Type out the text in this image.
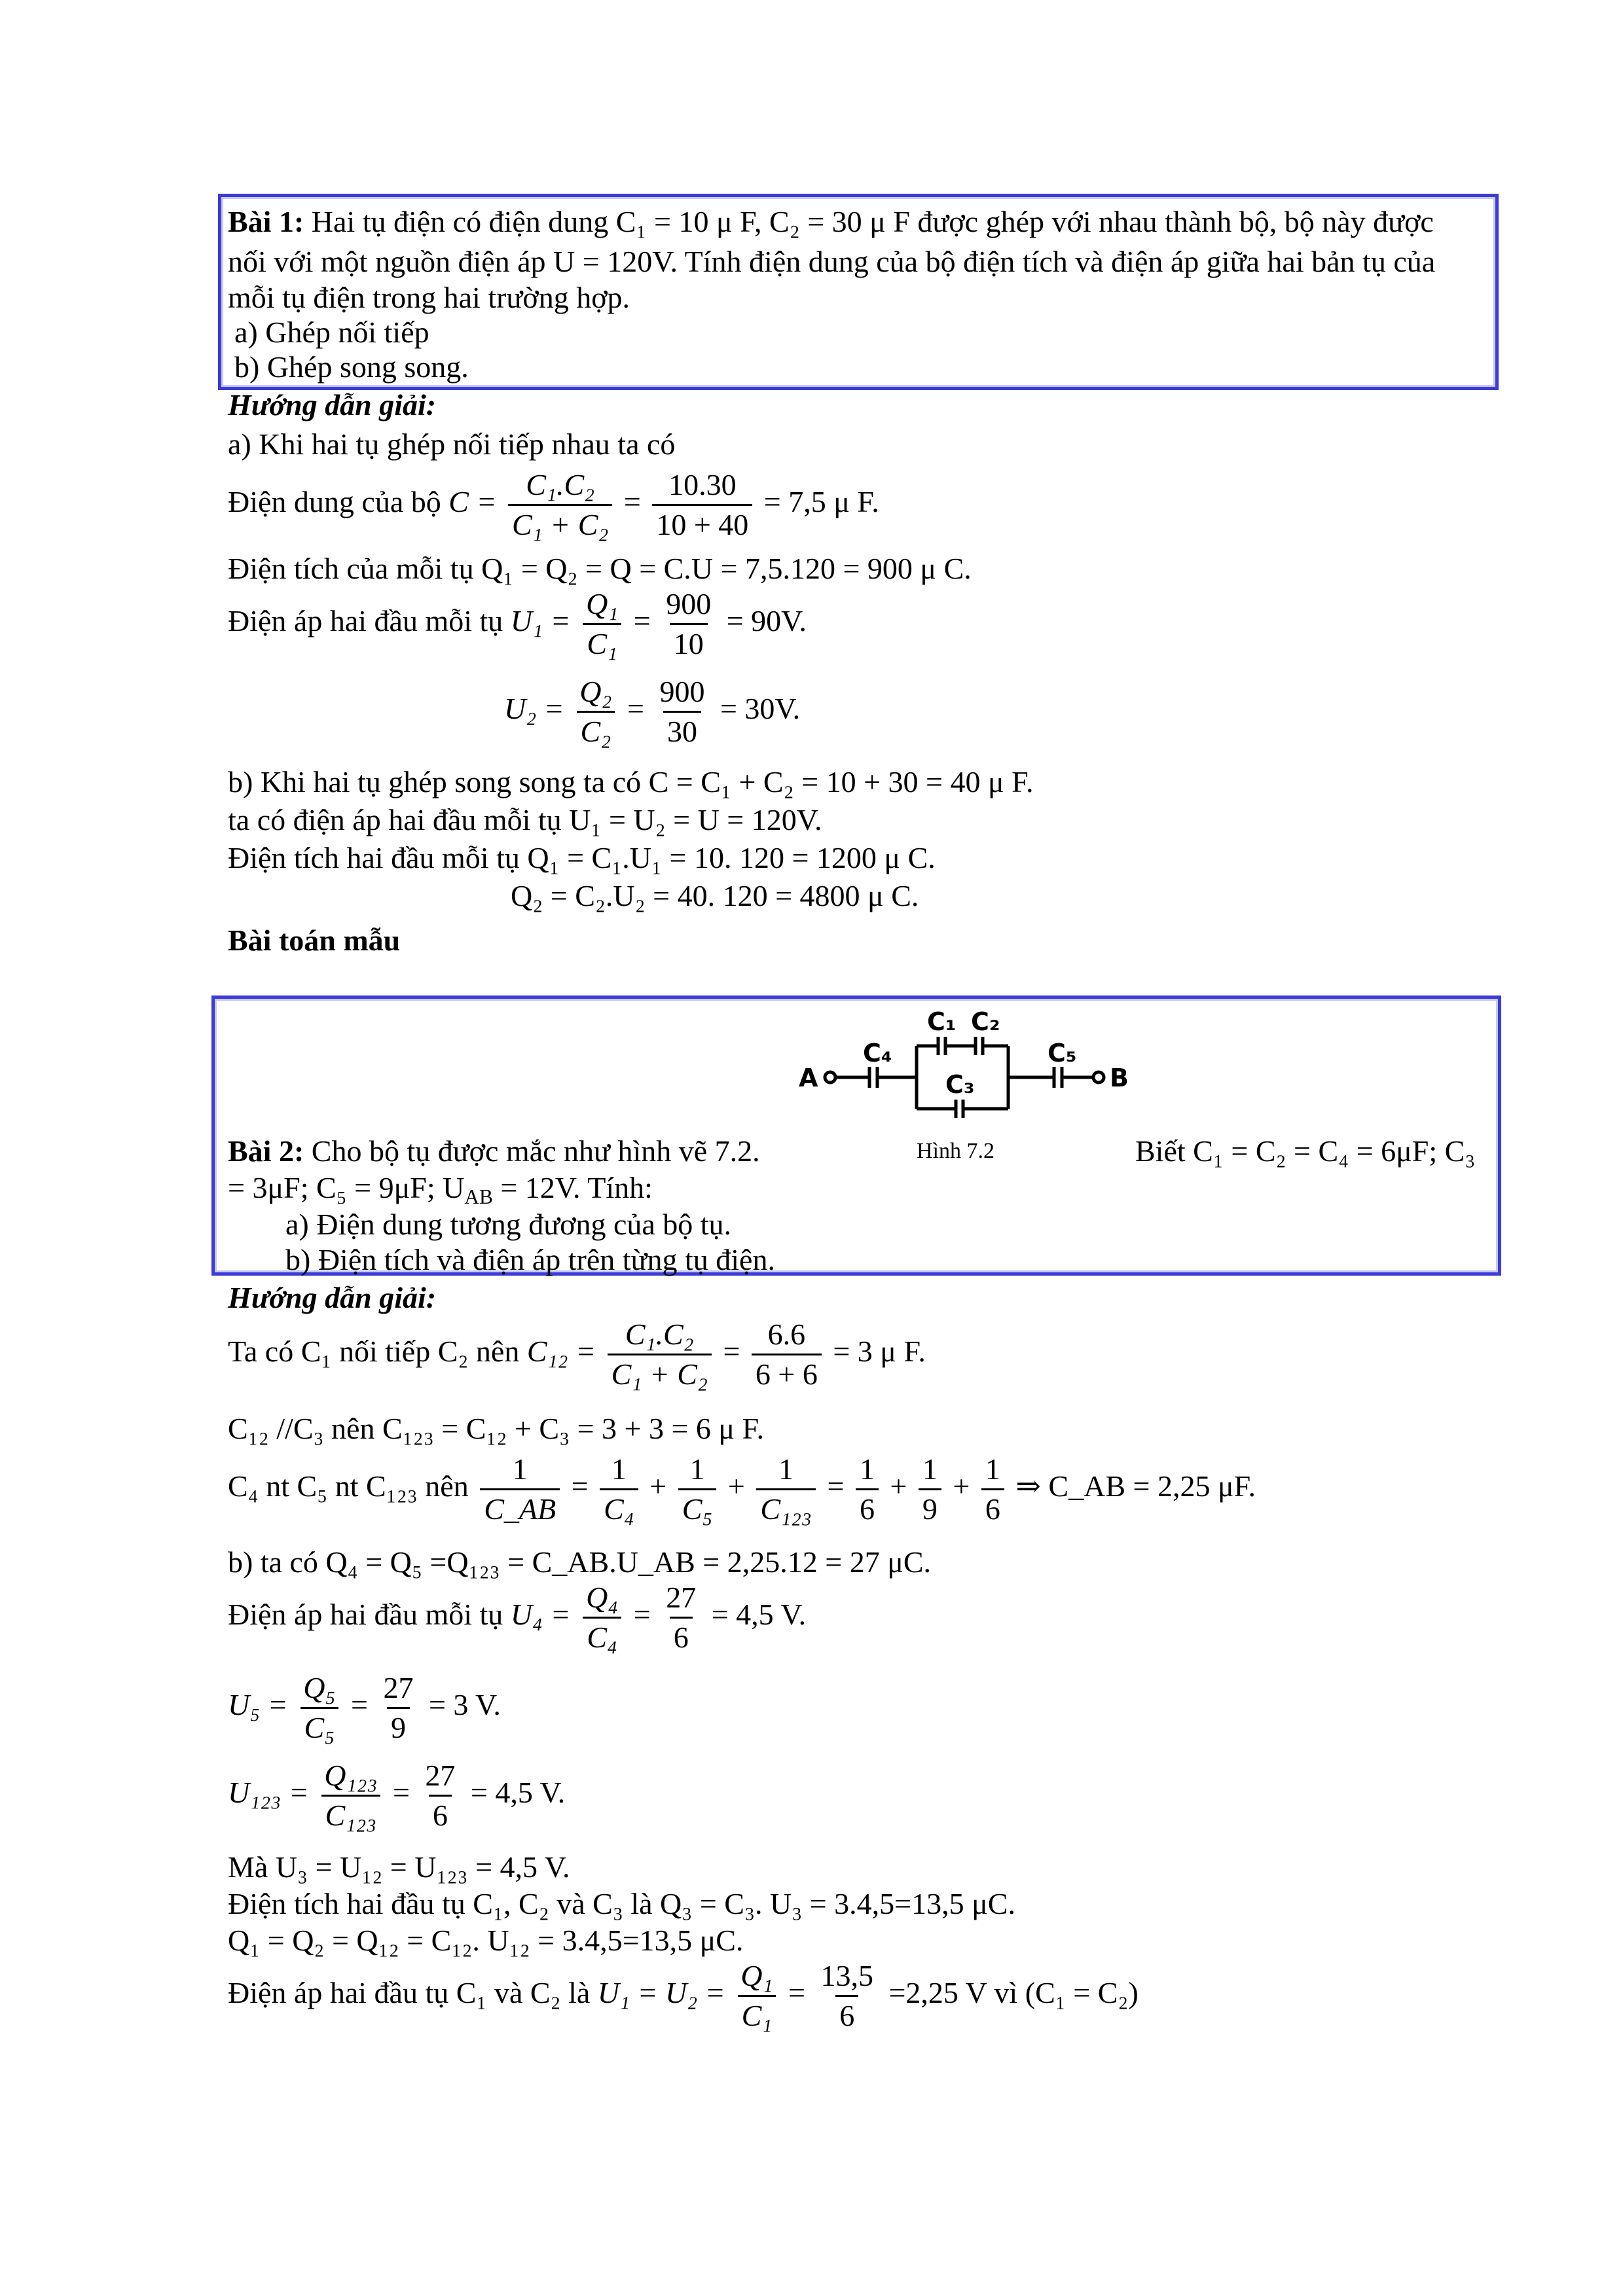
Bài 1: Hai tụ điện có điện dung C₁ = 10 μ F, C₂ = 30 μ F được ghép với nhau thành bộ, bộ này được
nối với một nguồn điện áp U = 120V. Tính điện dung của bộ điện tích và điện áp giữa hai bản tụ của
mỗi tụ điện trong hai trường hợp.
a) Ghép nối tiếp
b) Ghép song song.
Hướng dẫn giải:
a) Khi hai tụ ghép nối tiếp nhau ta có
Điện dung của bộ $C = \frac{\text{C₁.C₂}}{\text{C₁ + C₂}} = \frac{10.30}{10 + 40} = 7,5$ μ F.
Điện tích của mỗi tụ Q₁ = Q₂ = Q = C.U = 7,5.120 = 900 μ C.
Điện áp hai đầu mỗi tụ $U_1 = \frac{\text{Q₁}}{\text{C₁}} = \frac{900}{10} = 90V$.
$U_2 = \frac{\text{Q₂}}{\text{C₂}} = \frac{900}{30} = 30V$.
b) Khi hai tụ ghép song song ta có C = C₁ + C₂ = 10 + 30 = 40 μ F.
ta có điện áp hai đầu mỗi tụ U₁ = U₂ = U = 120V.
Điện tích hai đầu mỗi tụ Q₁ = C₁.U₁ = 10. 120 = 1200 μ C.
Q₂ = C₂.U₂ = 40. 120 = 4800 μ C.
Bài toán mẫu
A	B
C₄
C₁ C₂
C₃
C₅
Bài 2: Cho bộ tụ được mắc như hình vẽ 7.2.	Hình 7.2	Biết C₁ = C₂ = C₄ = 6μF; C₃
= 3μF; C₅ = 9μF; $U_{AB} = 12V$. Tính:
a) Điện dung tương đương của bộ tụ.
b) Điện tích và điện áp trên từng tụ điện.
Hướng dẫn giải:
Ta có C₁ nối tiếp C₂ nên $C_{12} = \frac{\text{C₁.C₂}}{\text{C₁ + C₂}} = \frac{6.6}{6 + 6} = 3$ μ F.
C₁₂ //C₃ nên C₁₂₃ = C₁₂ + C₃ = 3 + 3 = 6 μ F.
C₄ nt C₅ nt C₁₂₃ nên $\frac{1}{C\_AB} = \frac{1}{\text{C₄}} + \frac{1}{\text{C₅}} + \frac{1}{\text{C₁₂₃}} = \frac{1}{6} + \frac{1}{9} + \frac{1}{6}$ ⇒ C_AB = 2,25 μF.
b) ta có Q₄ = Q₅ =Q₁₂₃ = C_AB.U_AB = 2,25.12 = 27 μC.
Điện áp hai đầu mỗi tụ $U_4 = \frac{\text{Q₄}}{\text{C₄}} = \frac{27}{6} = 4,5$ V.
$U_5 = \frac{\text{Q₅}}{\text{C₅}} = \frac{27}{9} = 3$ V.
$U_{123} = \frac{\text{Q₁₂₃}}{\text{C₁₂₃}} = \frac{27}{6} = 4,5$ V.
Mà U₃ = U₁₂ = U₁₂₃ = 4,5 V.
Điện tích hai đầu tụ C₁, C₂ và C₃ là Q₃ = C₃. U₃ = 3.4,5=13,5 μC.
Q₁ = Q₂ = Q₁₂ = C₁₂. U₁₂ = 3.4,5=13,5 μC.
Điện áp hai đầu tụ C₁ và C₂ là $U_1 = U_2 = \frac{\text{Q₁}}{\text{C₁}} = \frac{13,5}{6} =2,25$ V vì (C₁ = C₂)
